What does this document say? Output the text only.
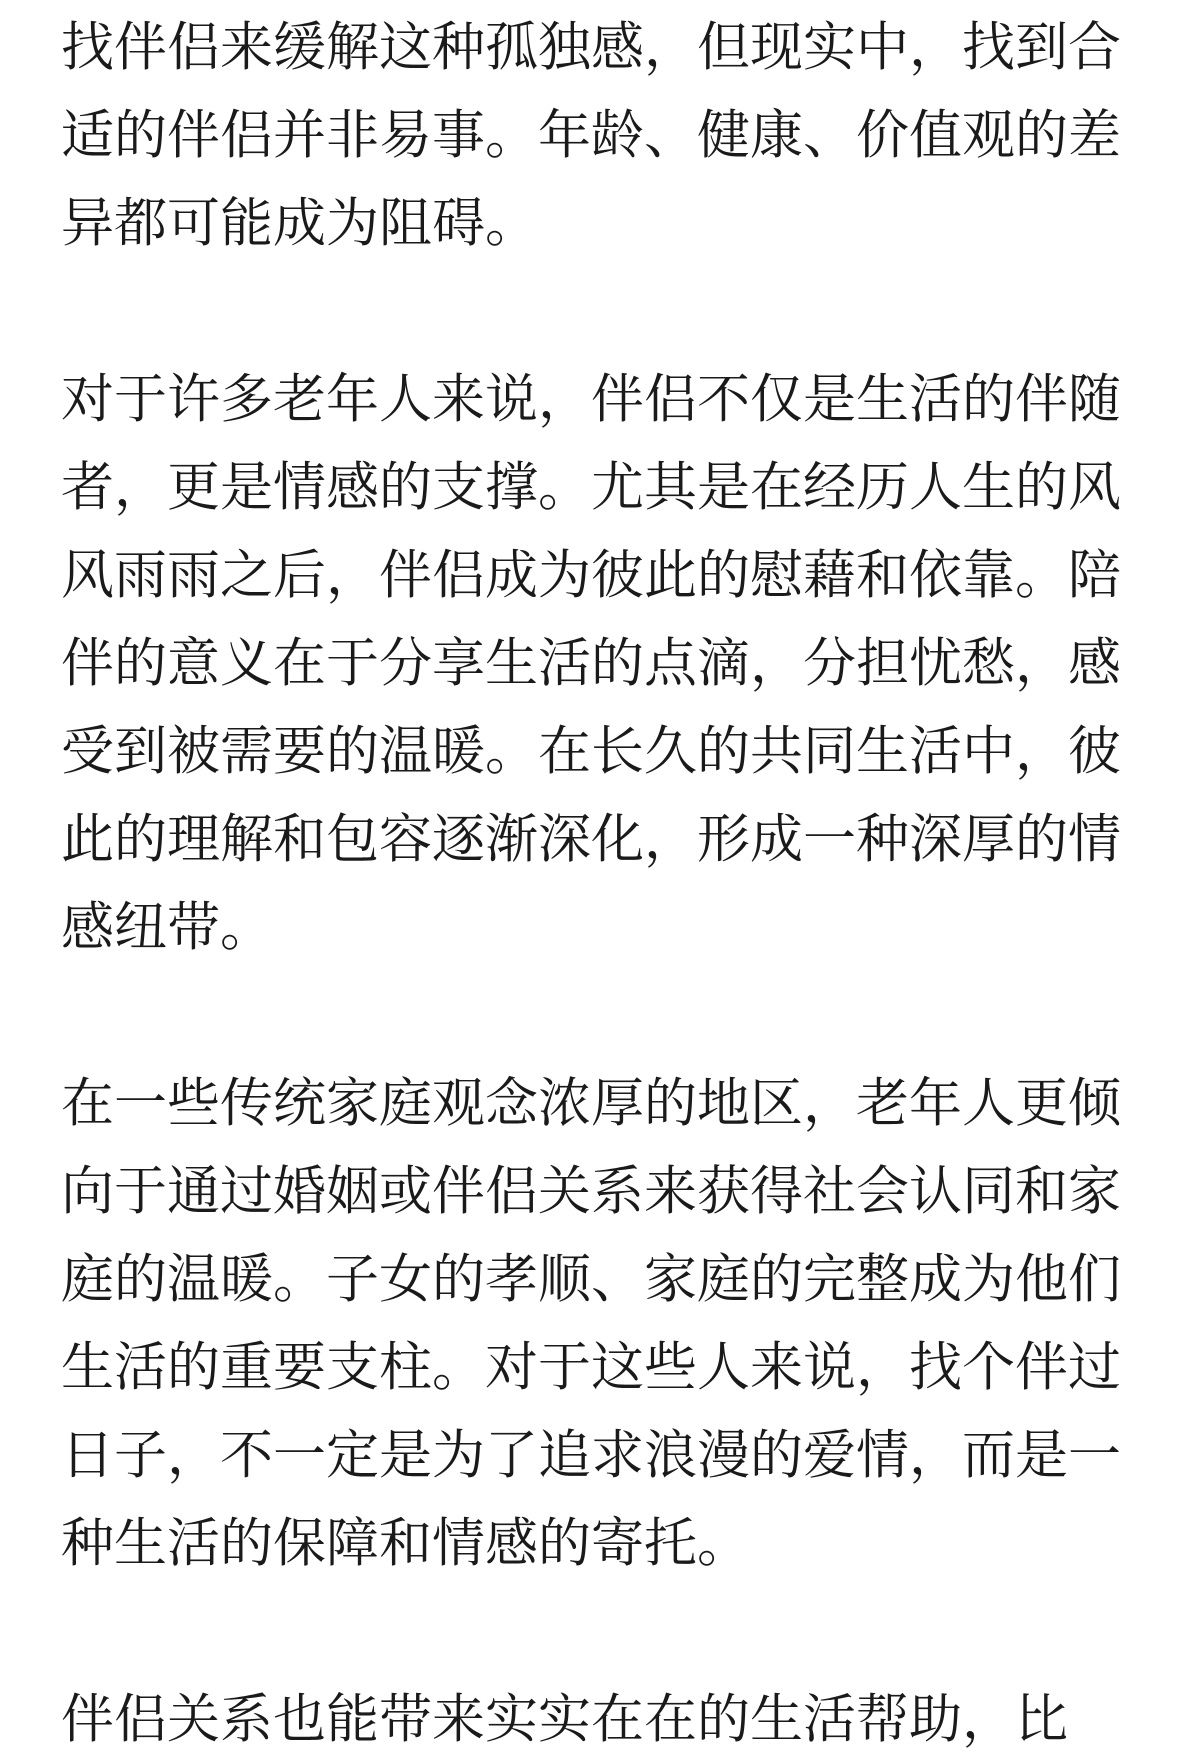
找伴侣来缓解这种孤独感，但现实中，找到合
适的伴侣并非易事。年龄、健康、价值观的差
异都可能成为阻碍。
对于许多老年人来说，伴侣不仅是生活的伴随
者，更是情感的支撑。尤其是在经历人生的风
风雨雨之后，伴侣成为彼此的慰藉和依靠。陪
伴的意义在于分享生活的点滴，分担忧愁，感
受到被需要的温暖。在长久的共同生活中，彼
此的理解和包容逐渐深化，形成一种深厚的情
感纽带。
在一些传统家庭观念浓厚的地区，老年人更倾
向于通过婚姻或伴侣关系来获得社会认同和家
庭的温暖。子女的孝顺、家庭的完整成为他们
生活的重要支柱。对于这些人来说，找个伴过
日子，不一定是为了追求浪漫的爱情，而是一
种生活的保障和情感的寄托。
伴侣关系也能带来实实在在的生活帮助，比
